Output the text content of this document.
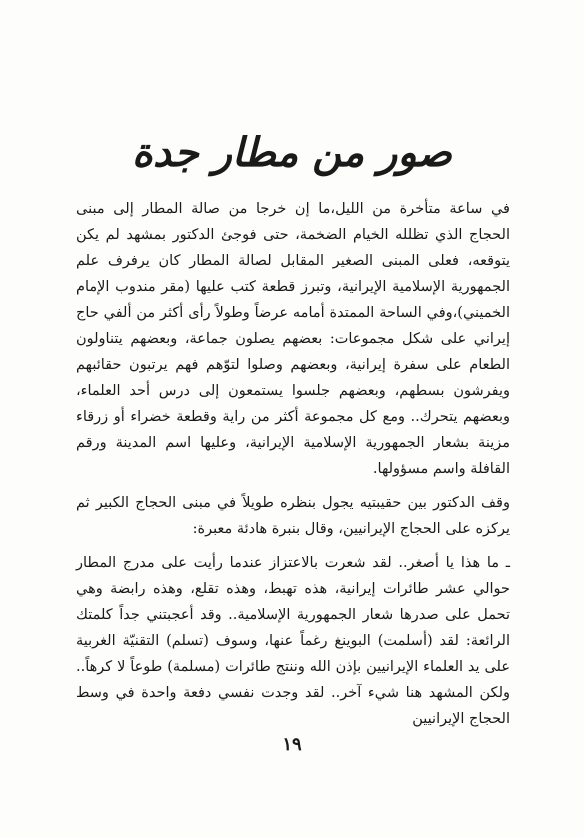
صور من مطار جدة

في ساعة متأخرة من الليل،ما إن خرجا من صالة المطار إلى مبنى الحجاج الذي تظلله الخيام الضخمة، حتى فوجئ الدكتور بمشهد لم يكن يتوقعه، فعلى المبنى الصغير المقابل لصالة المطار كان يرفرف علم الجمهورية الإسلامية الإيرانية، وتبرز قطعة كتب عليها (مقر مندوب الإمام الخميني)،وفي الساحة الممتدة أمامه عرضاً وطولاً رأى أكثر من ألفي حاج إيراني على شكل مجموعات: بعضهم يصلون جماعة، وبعضهم يتناولون الطعام على سفرة إيرانية، وبعضهم وصلوا لتوّهم فهم يرتبون حقائبهم ويفرشون بسطهم، وبعضهم جلسوا يستمعون إلى درس أحد العلماء، وبعضهم يتحرك.. ومع كل مجموعة أكثر من راية وقطعة خضراء أو زرقاء مزينة بشعار الجمهورية الإسلامية الإيرانية، وعليها اسم المدينة ورقم القافلة واسم مسؤولها.

وقف الدكتور بين حقيبتيه يجول بنظره طويلاً في مبنى الحجاج الكبير ثم يركزه على الحجاج الإيرانيين، وقال بنبرة هادئة معبرة:

ـ ما هذا يا أصغر.. لقد شعرت بالاعتزاز عندما رأيت على مدرج المطار حوالي عشر طائرات إيرانية، هذه تهبط، وهذه تقلع، وهذه رابضة وهي تحمل على صدرها شعار الجمهورية الإسلامية.. وقد أعجبتني جداً كلمتك الرائعة: لقد (أسلمت) البوينغ رغماً عنها، وسوف (تسلم) التقنيّة الغربية على يد العلماء الإيرانيين بإذن الله وننتج طائرات (مسلمة) طوعاً لا كرهاً.. ولكن المشهد هنا شيء آخر.. لقد وجدت نفسي دفعة واحدة في وسط الحجاج الإيرانيين

١٩
